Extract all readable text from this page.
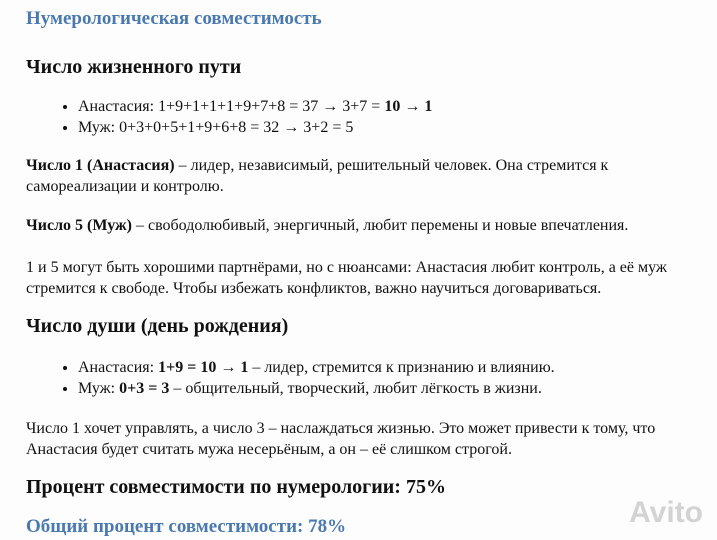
Нумерологическая совместимость
Число жизненного пути
• Анастасия: 1+9+1+1+1+9+7+8 = 37 → 3+7 = 10 → 1
• Муж: 0+3+0+5+1+9+6+8 = 32 → 3+2 = 5
Число 1 (Анастасия) – лидер, независимый, решительный человек. Она стремится к самореализации и контролю.
Число 5 (Муж) – свободолюбивый, энергичный, любит перемены и новые впечатления.
1 и 5 могут быть хорошими партнёрами, но с нюансами: Анастасия любит контроль, а её муж стремится к свободе. Чтобы избежать конфликтов, важно научиться договариваться.
Число души (день рождения)
• Анастасия: 1+9 = 10 → 1 – лидер, стремится к признанию и влиянию.
• Муж: 0+3 = 3 – общительный, творческий, любит лёгкость в жизни.
Число 1 хочет управлять, а число 3 – наслаждаться жизнью. Это может привести к тому, что Анастасия будет считать мужа несерьёным, а он – её слишком строгой.
Процент совместимости по нумерологии: 75%
Общий процент совместимости: 78%	Avito
